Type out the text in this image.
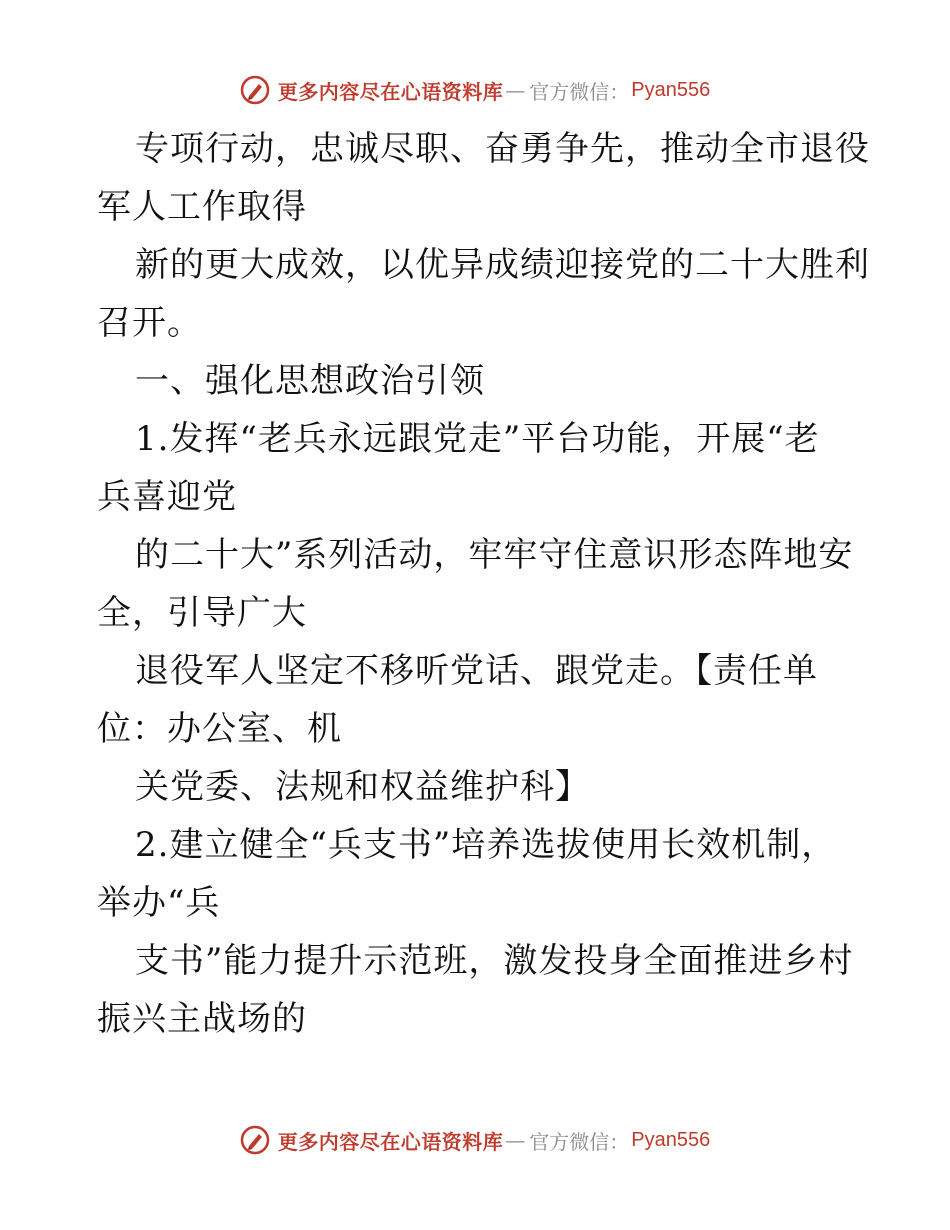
更多内容尽在心语资料库 — 官方微信： Pyan556
专项行动，忠诚尽职、奋勇争先，推动全市退役
军人工作取得
新的更大成效，以优异成绩迎接党的二十大胜利
召开。
一、强化思想政治引领
1.发挥“老兵永远跟党走”平台功能，开展“老
兵喜迎党
的二十大”系列活动，牢牢守住意识形态阵地安
全，引导广大
退役军人坚定不移听党话、跟党走。【责任单
位：办公室、机
关党委、法规和权益维护科】
2.建立健全“兵支书”培养选拔使用长效机制，
举办“兵
支书”能力提升示范班，激发投身全面推进乡村
振兴主战场的
更多内容尽在心语资料库 — 官方微信： Pyan556
